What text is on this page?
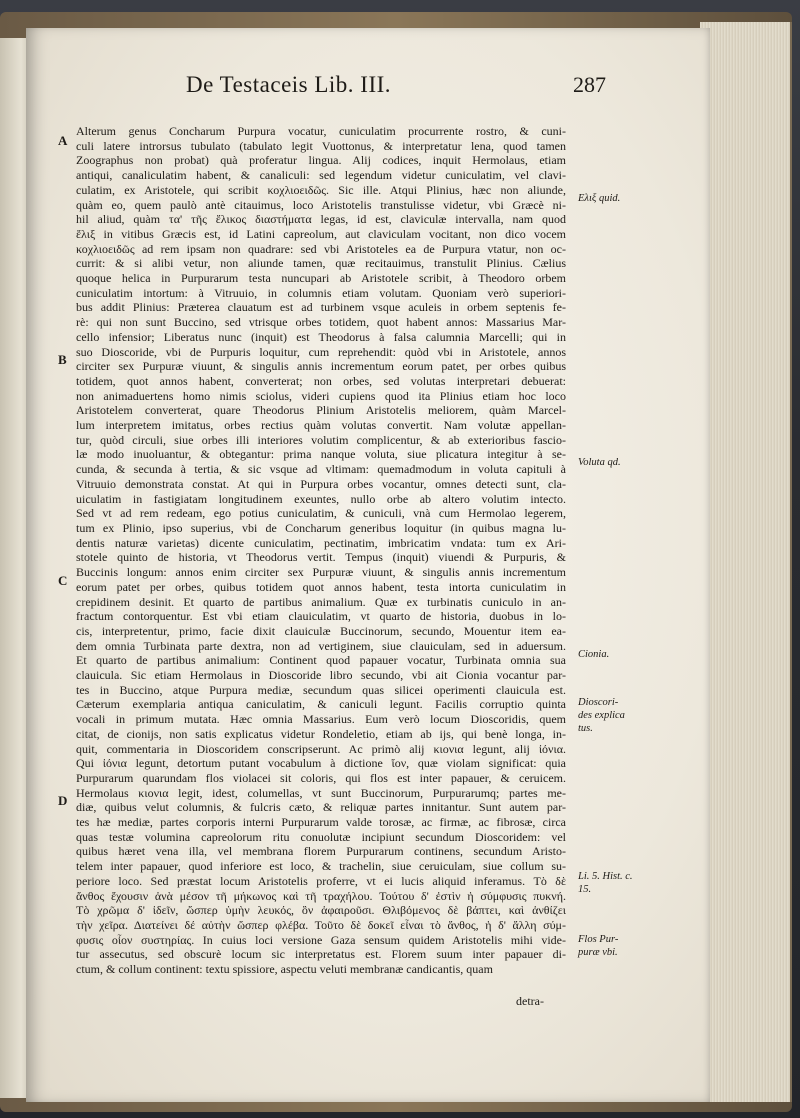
De Testaceis Lib. III.	287
A
B
C
D
Alterum genus Concharum Purpura vocatur, cuniculatim procurrente rostro, & cuni-
culi latere introrsus tubulato (tabulato legit Vuottonus, & interpretatur lena, quod tamen
Zoographus non probat) quà proferatur lingua. Alij codices, inquit Hermolaus, etiam
antiqui, canaliculatim habent, & canaliculi: sed legendum videtur cuniculatim, vel clavi-
culatim, ex Aristotele, qui scribit κοχλιοειδῶς. Sic ille. Atqui Plinius, hæc non aliunde,
quàm eo, quem paulò antè citauimus, loco Aristotelis transtulisse videtur, vbi Græcè ni-
hil aliud, quàm τα' τῆς ἕλικος διαστήματα legas, id est, claviculæ intervalla, nam quod
ἕλιξ in vitibus Græcis est, id Latini capreolum, aut claviculam vocitant, non dico vocem
κοχλιοειδῶς ad rem ipsam non quadrare: sed vbi Aristoteles ea de Purpura vtatur, non oc-
currit: & si alibi vetur, non aliunde tamen, quæ recitauimus, transtulit Plinius. Cælius
quoque helica in Purpurarum testa nuncupari ab Aristotele scribit, à Theodoro orbem
cuniculatim intortum: à Vitruuio, in columnis etiam volutam. Quoniam verò superiori-
bus addit Plinius: Præterea clauatum est ad turbinem vsque aculeis in orbem septenis fe-
rè: qui non sunt Buccino, sed vtrisque orbes totidem, quot habent annos: Massarius Mar-
cello infensior; Liberatus nunc (inquit) est Theodorus à falsa calumnia Marcelli; qui in
suo Dioscoride, vbi de Purpuris loquitur, cum reprehendit: quòd vbi in Aristotele, annos
circiter sex Purpuræ viuunt, & singulis annis incrementum eorum patet, per orbes quibus
totidem, quot annos habent, converterat; non orbes, sed volutas interpretari debuerat:
non animaduertens homo nimis sciolus, videri cupiens quod ita Plinius etiam hoc loco
Aristotelem converterat, quare Theodorus Plinium Aristotelis meliorem, quàm Marcel-
lum interpretem imitatus, orbes rectius quàm volutas convertit. Nam volutæ appellan-
tur, quòd circuli, siue orbes illi interiores volutim complicentur, & ab exterioribus fascio-
læ modo inuoluantur, & obtegantur: prima nanque voluta, siue plicatura integitur à se-
cunda, & secunda à tertia, & sic vsque ad vltimam: quemadmodum in voluta capituli à
Vitruuio demonstrata constat. At qui in Purpura orbes vocantur, omnes detecti sunt, cla-
uiculatim in fastigiatam longitudinem exeuntes, nullo orbe ab altero volutim intecto.
Sed vt ad rem redeam, ego potius cuniculatim, & cuniculi, vnà cum Hermolao legerem,
tum ex Plinio, ipso superius, vbi de Concharum generibus loquitur (in quibus magna lu-
dentis naturæ varietas) dicente cuniculatim, pectinatim, imbricatim vndata: tum ex Ari-
stotele quinto de historia, vt Theodorus vertit. Tempus (inquit) viuendi & Purpuris, &
Buccinis longum: annos enim circiter sex Purpuræ viuunt, & singulis annis incrementum
eorum patet per orbes, quibus totidem quot annos habent, testa intorta cuniculatim in
crepidinem desinit. Et quarto de partibus animalium. Quæ ex turbinatis cuniculo in an-
fractum contorquentur. Est vbi etiam clauiculatim, vt quarto de historia, duobus in lo-
cis, interpretentur, primo, facie dixit clauiculæ Buccinorum, secundo, Mouentur item ea-
dem omnia Turbinata parte dextra, non ad vertiginem, siue clauiculam, sed in aduersum.
Et quarto de partibus animalium: Continent quod papauer vocatur, Turbinata omnia sua
clauicula. Sic etiam Hermolaus in Dioscoride libro secundo, vbi ait Cionia vocantur par-
tes in Buccino, atque Purpura mediæ, secundum quas silicei operimenti clauicula est.
Cæterum exemplaria antiqua caniculatim, & caniculi legunt. Facilis corruptio quinta
vocali in primum mutata. Hæc omnia Massarius. Eum verò locum Dioscoridis, quem
citat, de cionijs, non satis explicatus videtur Rondeletio, etiam ab ijs, qui benè longa, in-
quit, commentaria in Dioscoridem conscripserunt. Ac primò alij κιονια legunt, alij ἰόνια.
Qui ἰόνια legunt, detortum putant vocabulum à dictione ἴον, quæ violam significat: quia
Purpurarum quarundam flos violacei sit coloris, qui flos est inter papauer, & ceruicem.
Hermolaus κιονια legit, idest, columellas, vt sunt Buccinorum, Purpurarumq; partes me-
diæ, quibus velut columnis, & fulcris cæto, & reliquæ partes innitantur. Sunt autem par-
tes hæ mediæ, partes corporis interni Purpurarum valde torosæ, ac firmæ, ac fibrosæ, circa
quas testæ volumina capreolorum ritu conuolutæ incipiunt secundum Dioscoridem: vel
quibus hæret vena illa, vel membrana florem Purpurarum continens, secundum Aristo-
telem inter papauer, quod inferiore est loco, & trachelin, siue ceruiculam, siue collum su-
periore loco. Sed præstat locum Aristotelis proferre, vt ei lucis aliquid inferamus. Τὸ δὲ
ἄνθος ἔχουσιν ἀνὰ μέσον τῆ μήκωνος καὶ τῆ τραχήλου. Τούτου δ' ἐστὶν ἡ σύμφυσις πυκνή.
Τὸ χρῶμα δ' ἰδεῖν, ὥσπερ ὑμὴν λευκός, ὃν ἀφαιροῦσι. Θλιβόμενος δὲ βάπτει, καὶ ἀνθίζει
τὴν χεῖρα. Διατείνει δέ αὐτὴν ὥσπερ φλέβα. Τοῦτο δὲ δοκεῖ εἶναι τὸ ἄνθος, ἡ δ' ἄλλη σύμ-
φυσις οἷον συστηρίας. In cuius loci versione Gaza sensum quidem Aristotelis mihi vide-
tur assecutus, sed obscurè locum sic interpretatus est. Florem suum inter papauer di-
ctum, & collum continent: textu spissiore, aspectu veluti membranæ candicantis, quam
Ελιξ quid.
Voluta qd.
Cionia.
Dioscori- des explica tus.
Li. 5. Hist. c. 15.
Flos Pur- puræ vbi.
detra-
